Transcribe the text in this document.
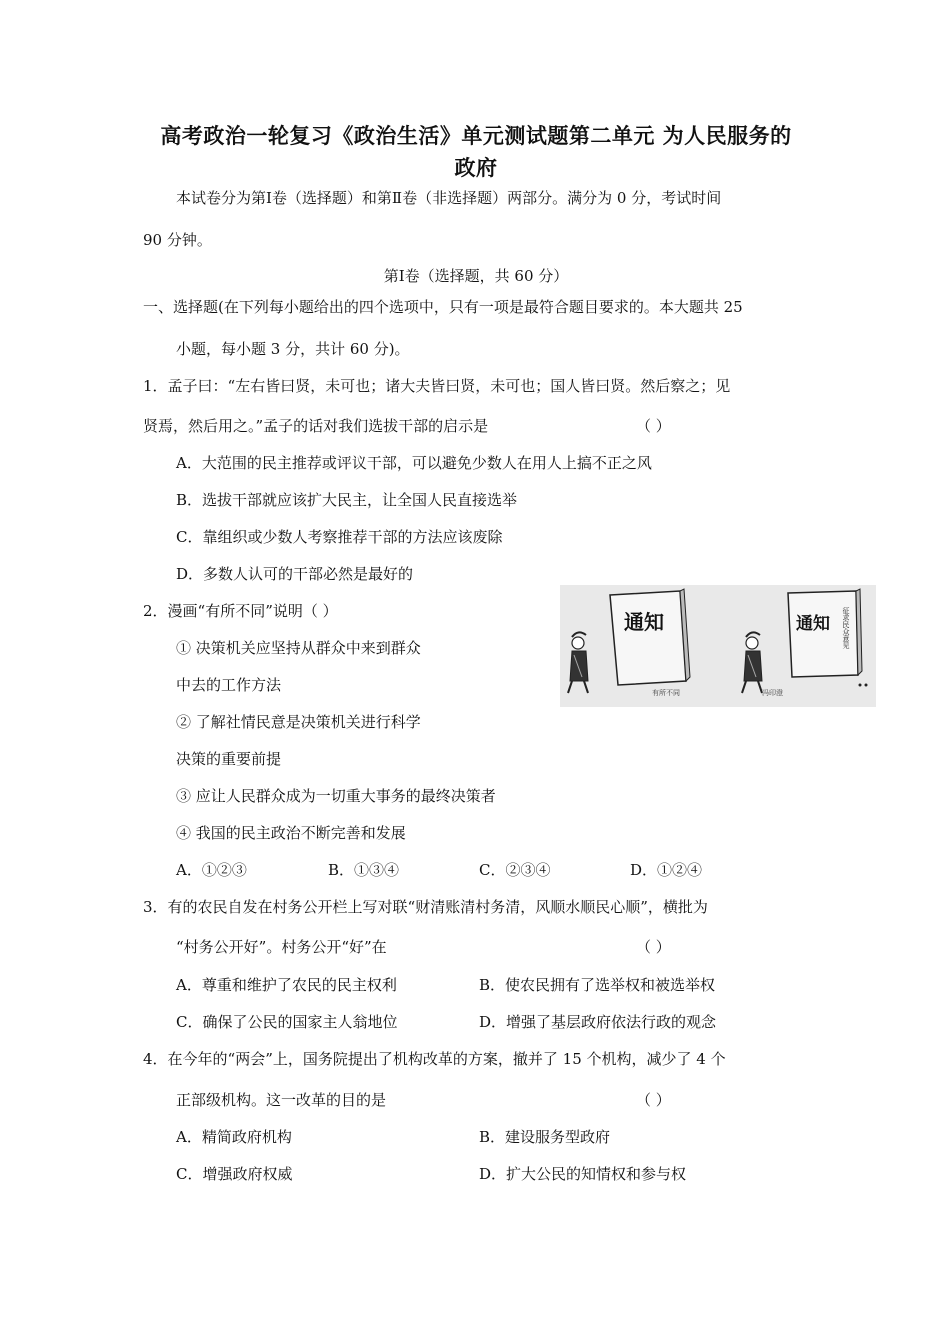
高考政治一轮复习《政治生活》单元测试题第二单元 为人民服务的
政府
本试卷分为第Ⅰ卷（选择题）和第Ⅱ卷（非选择题）两部分。满分为 0 分，考试时间
90 分钟。
第Ⅰ卷（选择题，共 60 分）
一、选择题(在下列每小题给出的四个选项中，只有一项是最符合题目要求的。本大题共 25
小题，每小题 3 分，共计 60 分)。
1．孟子曰：“左右皆曰贤，未可也；诸大夫皆曰贤，未可也；国人皆曰贤。然后察之；见
贤焉，然后用之。”孟子的话对我们选拔干部的启示是	（ ）
A．大范围的民主推荐或评议干部，可以避免少数人在用人上搞不正之风
B．选拔干部就应该扩大民主，让全国人民直接选举
C．靠组织或少数人考察推荐干部的方法应该废除
D．多数人认可的干部必然是最好的
2．漫画“有所不同”说明（ ）
① 决策机关应坚持从群众中来到群众
中去的工作方法
② 了解社情民意是决策机关进行科学
决策的重要前提
③ 应让人民群众成为一切重大事务的最终决策者
④ 我国的民主政治不断完善和发展
A．①②③	B．①③④	C．②③④	D．①②④
通知	通知 征求民众意见
有所不同	冯印澄
3．有的农民自发在村务公开栏上写对联“财清账清村务清，风顺水顺民心顺”，横批为
“村务公开好”。村务公开“好”在	（ ）
A．尊重和维护了农民的民主权利	B．使农民拥有了选举权和被选举权
C．确保了公民的国家主人翁地位	D．增强了基层政府依法行政的观念
4．在今年的“两会”上，国务院提出了机构改革的方案，撤并了 15 个机构，减少了 4 个
正部级机构。这一改革的目的是	（ ）
A．精简政府机构	B．建设服务型政府
C．增强政府权威	D．扩大公民的知情权和参与权
